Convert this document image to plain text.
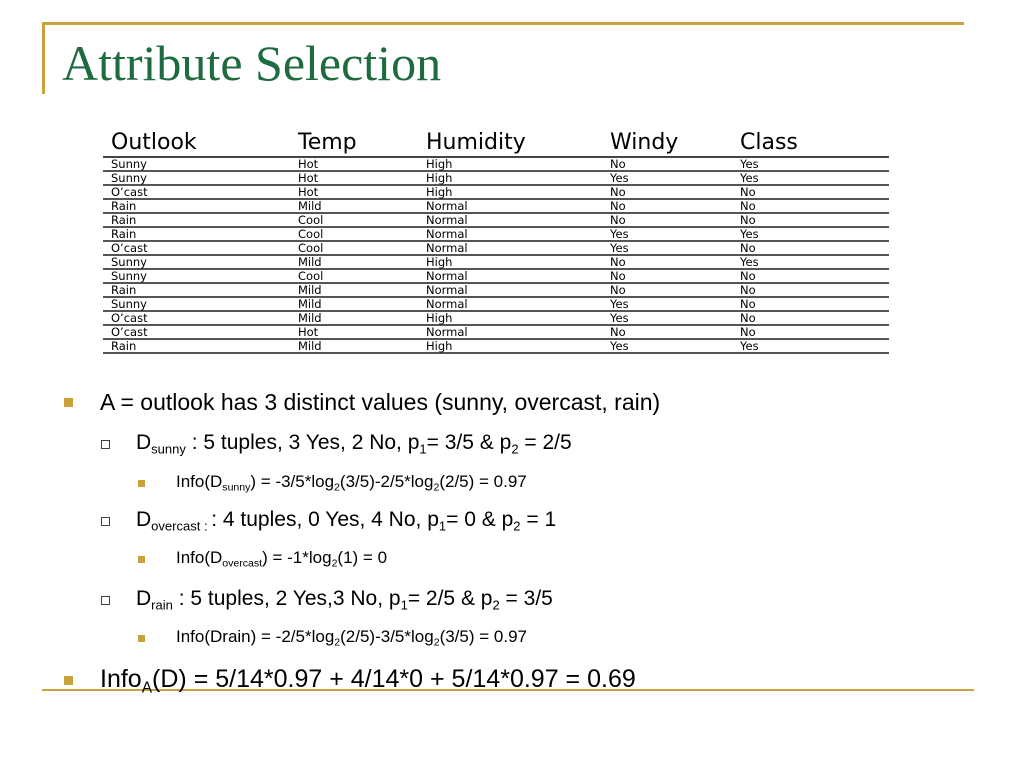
Attribute Selection
Outlook	Temp	Humidity	Windy	Class
Sunny	Hot	High	No	Yes
Sunny	Hot	High	Yes	Yes
O’cast	Hot	High	No	No
Rain	Mild	Normal	No	No
Rain	Cool	Normal	No	No
Rain	Cool	Normal	Yes	Yes
O’cast	Cool	Normal	Yes	No
Sunny	Mild	High	No	Yes
Sunny	Cool	Normal	No	No
Rain	Mild	Normal	No	No
Sunny	Mild	Normal	Yes	No
O’cast	Mild	High	Yes	No
O’cast	Hot	Normal	No	No
Rain	Mild	High	Yes	Yes
A = outlook has 3 distinct values (sunny, overcast, rain)
$D_{sunny}$ : 5 tuples, 3 Yes, 2 No, $p_1= 3/5$ & $p_2 = 2/5$
$Info(D_{sunny}) = -3/5*\log_2(3/5)-2/5*\log_2(2/5) = 0.97$
$D_{overcast :}$ : 4 tuples, 0 Yes, 4 No, $p_1= 0$ & $p_2 = 1$
$Info(D_{overcast}) = -1*\log_2(1) = 0$
$D_{rain}$ : 5 tuples, 2 Yes,3 No, $p_1= 2/5$ & $p_2 = 3/5$
Info(Drain) = $-2/5*\log_2(2/5)-3/5*\log_2(3/5) = 0.97$
Info$_A$(D) = 5/14*0.97 + 4/14*0 + 5/14*0.97 = 0.69
